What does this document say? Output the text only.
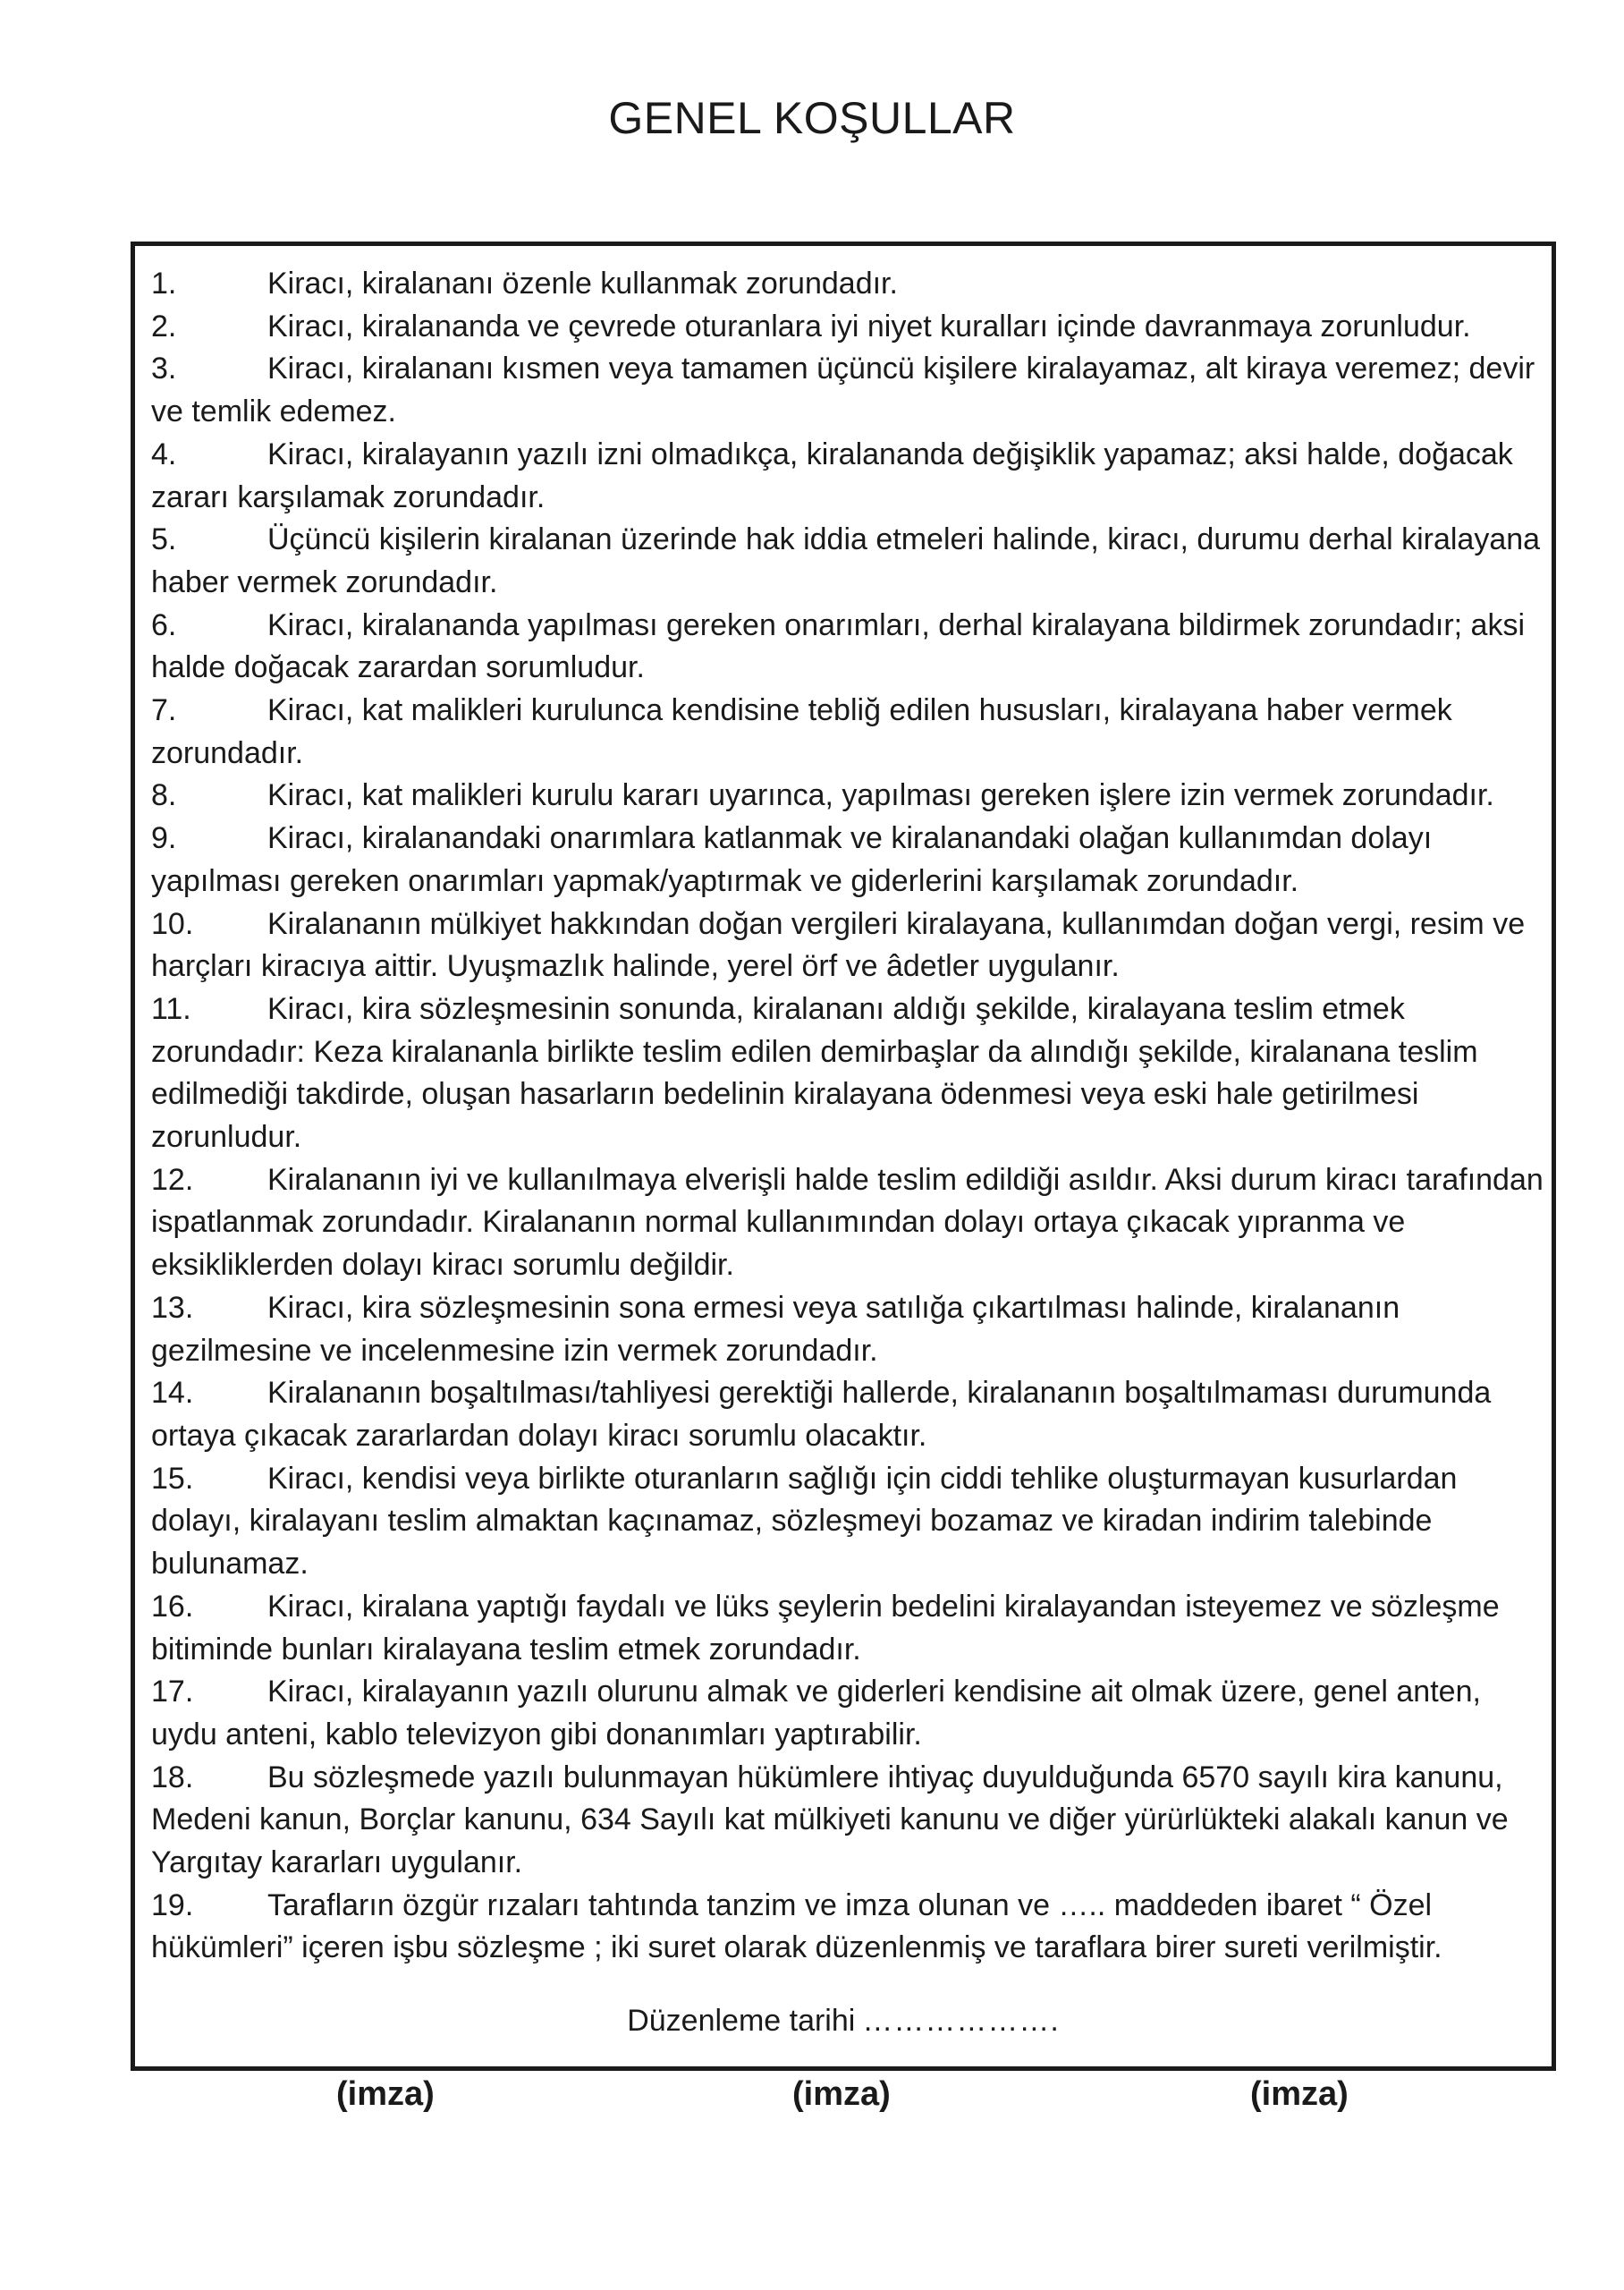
GENEL KOŞULLAR
1.	Kiracı, kiralananı özenle kullanmak zorundadır.
2.	Kiracı, kiralananda ve çevrede oturanlara iyi niyet kuralları içinde davranmaya zorunludur.
3.	Kiracı, kiralananı kısmen veya tamamen üçüncü kişilere kiralayamaz, alt kiraya veremez; devir ve temlik edemez.
4.	Kiracı, kiralayanın yazılı izni olmadıkça, kiralananda değişiklik yapamaz; aksi halde, doğacak zararı karşılamak zorundadır.
5.	Üçüncü kişilerin kiralanan üzerinde hak iddia etmeleri halinde, kiracı, durumu derhal kiralayana haber vermek zorundadır.
6.	Kiracı, kiralananda yapılması gereken onarımları, derhal kiralayana bildirmek zorundadır; aksi halde doğacak zarardan sorumludur.
7.	Kiracı, kat malikleri kurulunca kendisine tebliğ edilen hususları, kiralayana haber vermek zorundadır.
8.	Kiracı, kat malikleri kurulu kararı uyarınca, yapılması gereken işlere izin vermek zorundadır.
9.	Kiracı, kiralanandaki onarımlara katlanmak ve kiralanandaki olağan kullanımdan dolayı yapılması gereken onarımları yapmak/yaptırmak ve giderlerini karşılamak zorundadır.
10. Kiralananın mülkiyet hakkından doğan vergileri kiralayana, kullanımdan doğan vergi, resim ve harçları kiracıya aittir. Uyuşmazlık halinde, yerel örf ve âdetler uygulanır.
11.	Kiracı, kira sözleşmesinin sonunda, kiralananı aldığı şekilde, kiralayana teslim etmek zorundadır: Keza kiralananla birlikte teslim edilen demirbaşlar da alındığı şekilde, kiralanana teslim edilmediği takdirde, oluşan hasarların bedelinin kiralayana ödenmesi veya eski hale getirilmesi zorunludur.
12. Kiralananın iyi ve kullanılmaya elverişli halde teslim edildiği asıldır. Aksi durum kiracı tarafından ispatlanmak zorundadır. Kiralananın normal kullanımından dolayı ortaya çıkacak yıpranma ve eksikliklerden dolayı kiracı sorumlu değildir.
13. Kiracı, kira sözleşmesinin sona ermesi veya satılığa çıkartılması halinde, kiralananın gezilmesine ve incelenmesine izin vermek zorundadır.
14. Kiralananın boşaltılması/tahliyesi gerektiği hallerde, kiralananın boşaltılmaması durumunda ortaya çıkacak zararlardan dolayı kiracı sorumlu olacaktır.
15. Kiracı, kendisi veya birlikte oturanların sağlığı için ciddi tehlike oluşturmayan kusurlardan dolayı, kiralayanı teslim almaktan kaçınamaz, sözleşmeyi bozamaz ve kiradan indirim talebinde bulunamaz.
16. Kiracı, kiralana yaptığı faydalı ve lüks şeylerin bedelini kiralayandan isteyemez ve sözleşme bitiminde bunları kiralayana teslim etmek zorundadır.
17. Kiracı, kiralayanın yazılı olurunu almak ve giderleri kendisine ait olmak üzere, genel anten, uydu anteni, kablo televizyon gibi donanımları yaptırabilir.
18. Bu sözleşmede yazılı bulunmayan hükümlere ihtiyaç duyulduğunda 6570 sayılı kira kanunu, Medeni kanun, Borçlar kanunu, 634 Sayılı kat mülkiyeti kanunu ve diğer yürürlükteki alakalı kanun ve Yargıtay kararları uygulanır.
19. Tarafların özgür rızaları tahtında tanzim ve imza olunan ve ….. maddeden ibaret “ Özel hükümleri” içeren işbu sözleşme ; iki suret olarak düzenlenmiş ve taraflara birer sureti verilmiştir.
Düzenleme tarihi ……………….
(imza)	(imza)	(imza)
